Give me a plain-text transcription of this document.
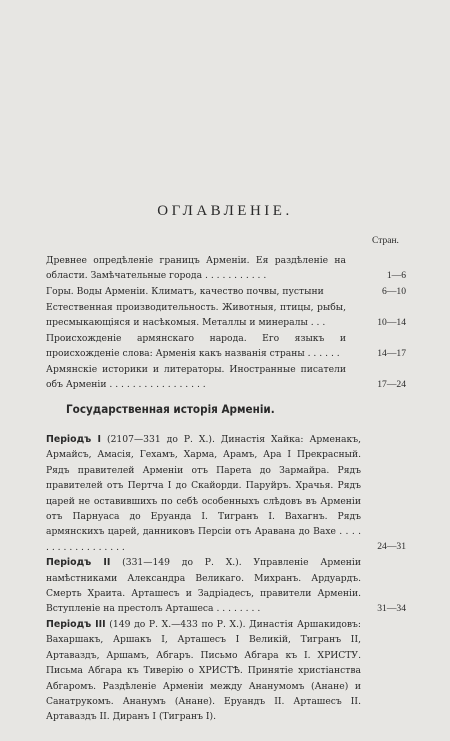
ОГЛАВЛЕНІЕ.
Стран.
Древнее опредѣленіе границъ Арменіи. Ея раздѣленіе на области. Замѣчательные города . . . . . . . . . . .	1—6
Горы. Воды Арменіи. Климатъ, качество почвы, пустыни	6—10
Естественная производительность. Животныя, птицы, рыбы, пресмыкающіяся и насѣкомыя. Металлы и минералы . . .	10—14
Происхожденіе армянскаго народа. Его языкъ и происхожденіе слова: Арменія какъ названія страны . . . . . .	14—17
Армянскіе историки и литераторы. Иностранные писатели объ Арменіи . . . . . . . . . . . . . . . . .	17—24
Государственная исторія Арменіи.
Періодъ I (2107—331 до Р. Х.). Династія Хайка: Арменакъ, Армайсъ, Амасія, Гехамъ, Харма, Арамъ, Ара I Прекрасный. Рядъ правителей Арменіи отъ Парета до Зармайра. Рядъ правителей отъ Пертча I до Скайорди. Паруйръ. Храчья. Рядъ царей не оставившихъ по себѣ особенныхъ слѣдовъ въ Арменіи отъ Парнуаса до Еруанда I. Тигранъ I. Вахагнъ. Рядъ армянскихъ царей, данниковъ Персіи отъ Аравана до Вахе . . . . . . . . . . . . . . . . . .	24—31
Періодъ II (331—149 до Р. Х.). Управленіе Арменіи намѣстниками Александра Великаго. Михранъ. Ардуардъ. Смерть Храита. Арташесъ и Задріадесъ, правители Арменіи. Вступленіе на престолъ Арташеса . . . . . . . .	31—34
Періодъ III (149 до Р. Х.—433 по Р. Х.). Династія Аршакидовъ: Вахаршакъ, Аршакъ I, Арташесъ I Великій, Тигранъ II, Артаваздъ, Аршамъ, Абгаръ. Письмо Абгара къ І. ХРИСТУ. Письма Абгара къ Тиверію о ХРИСТѢ. Принятіе христіанства Абгаромъ. Раздѣленіе Арменіи между Ананумомъ (Анане) и Санатрукомъ. Ананумъ (Ананe). Еруандъ II. Арташесъ II. Артаваздъ II. Диранъ I (Тигранъ I).
